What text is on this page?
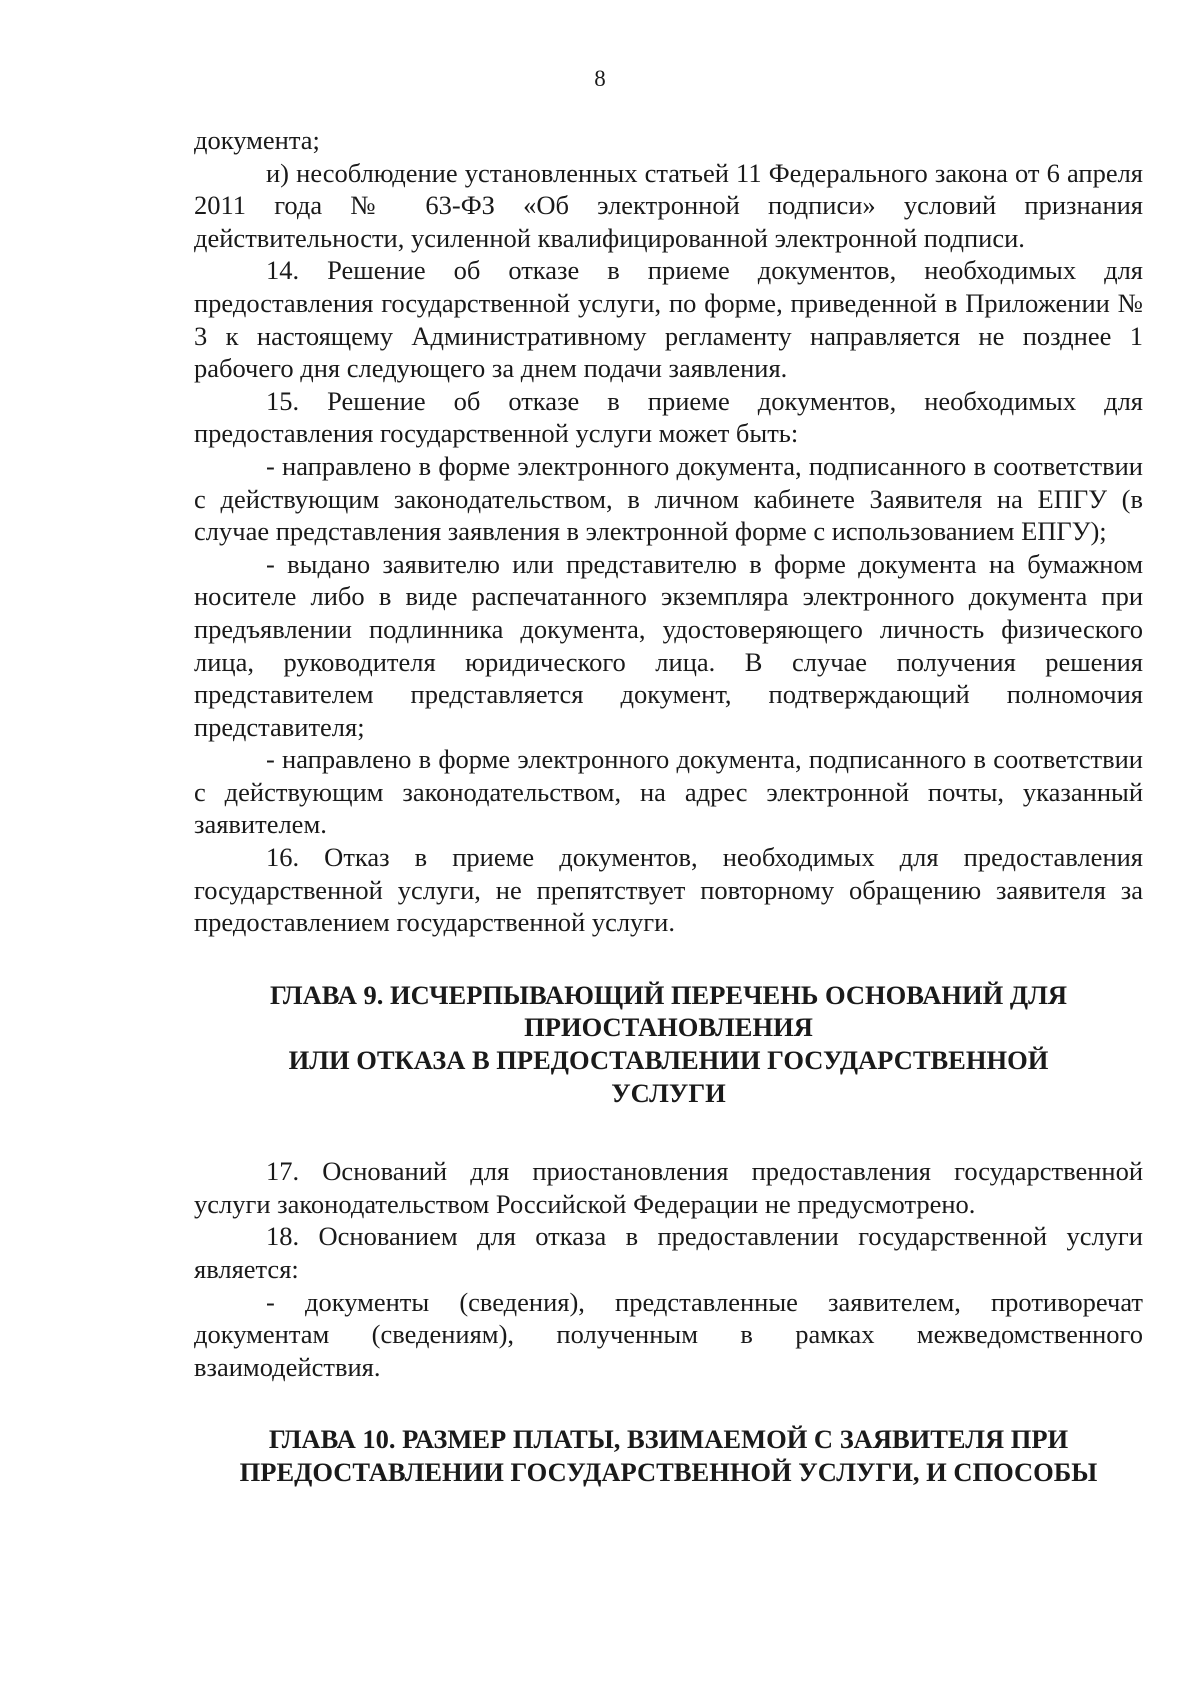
8

документа;

и) несоблюдение установленных статьей 11 Федерального закона от 6 апреля 2011 года № 63-ФЗ «Об электронной подписи» условий признания действительности, усиленной квалифицированной электронной подписи.

14. Решение об отказе в приеме документов, необходимых для предоставления государственной услуги, по форме, приведенной в Приложении № 3 к настоящему Административному регламенту направляется не позднее 1 рабочего дня следующего за днем подачи заявления.

15. Решение об отказе в приеме документов, необходимых для предоставления государственной услуги может быть:

- направлено в форме электронного документа, подписанного в соответствии с действующим законодательством, в личном кабинете Заявителя на ЕПГУ (в случае представления заявления в электронной форме с использованием ЕПГУ);

- выдано заявителю или представителю в форме документа на бумажном носителе либо в виде распечатанного экземпляра электронного документа при предъявлении подлинника документа, удостоверяющего личность физического лица, руководителя юридического лица. В случае получения решения представителем представляется документ, подтверждающий полномочия представителя;

- направлено в форме электронного документа, подписанного в соответствии с действующим законодательством, на адрес электронной почты, указанный заявителем.

16. Отказ в приеме документов, необходимых для предоставления государственной услуги, не препятствует повторному обращению заявителя за предоставлением государственной услуги.

ГЛАВА 9. ИСЧЕРПЫВАЮЩИЙ ПЕРЕЧЕНЬ ОСНОВАНИЙ ДЛЯ
ПРИОСТАНОВЛЕНИЯ
ИЛИ ОТКАЗА В ПРЕДОСТАВЛЕНИИ ГОСУДАРСТВЕННОЙ
УСЛУГИ

17. Оснований для приостановления предоставления государственной услуги законодательством Российской Федерации не предусмотрено.

18. Основанием для отказа в предоставлении государственной услуги является:

- документы (сведения), представленные заявителем, противоречат документам (сведениям), полученным в рамках межведомственного взаимодействия.

ГЛАВА 10. РАЗМЕР ПЛАТЫ, ВЗИМАЕМОЙ С ЗАЯВИТЕЛЯ ПРИ
ПРЕДОСТАВЛЕНИИ ГОСУДАРСТВЕННОЙ УСЛУГИ, И СПОСОБЫ
